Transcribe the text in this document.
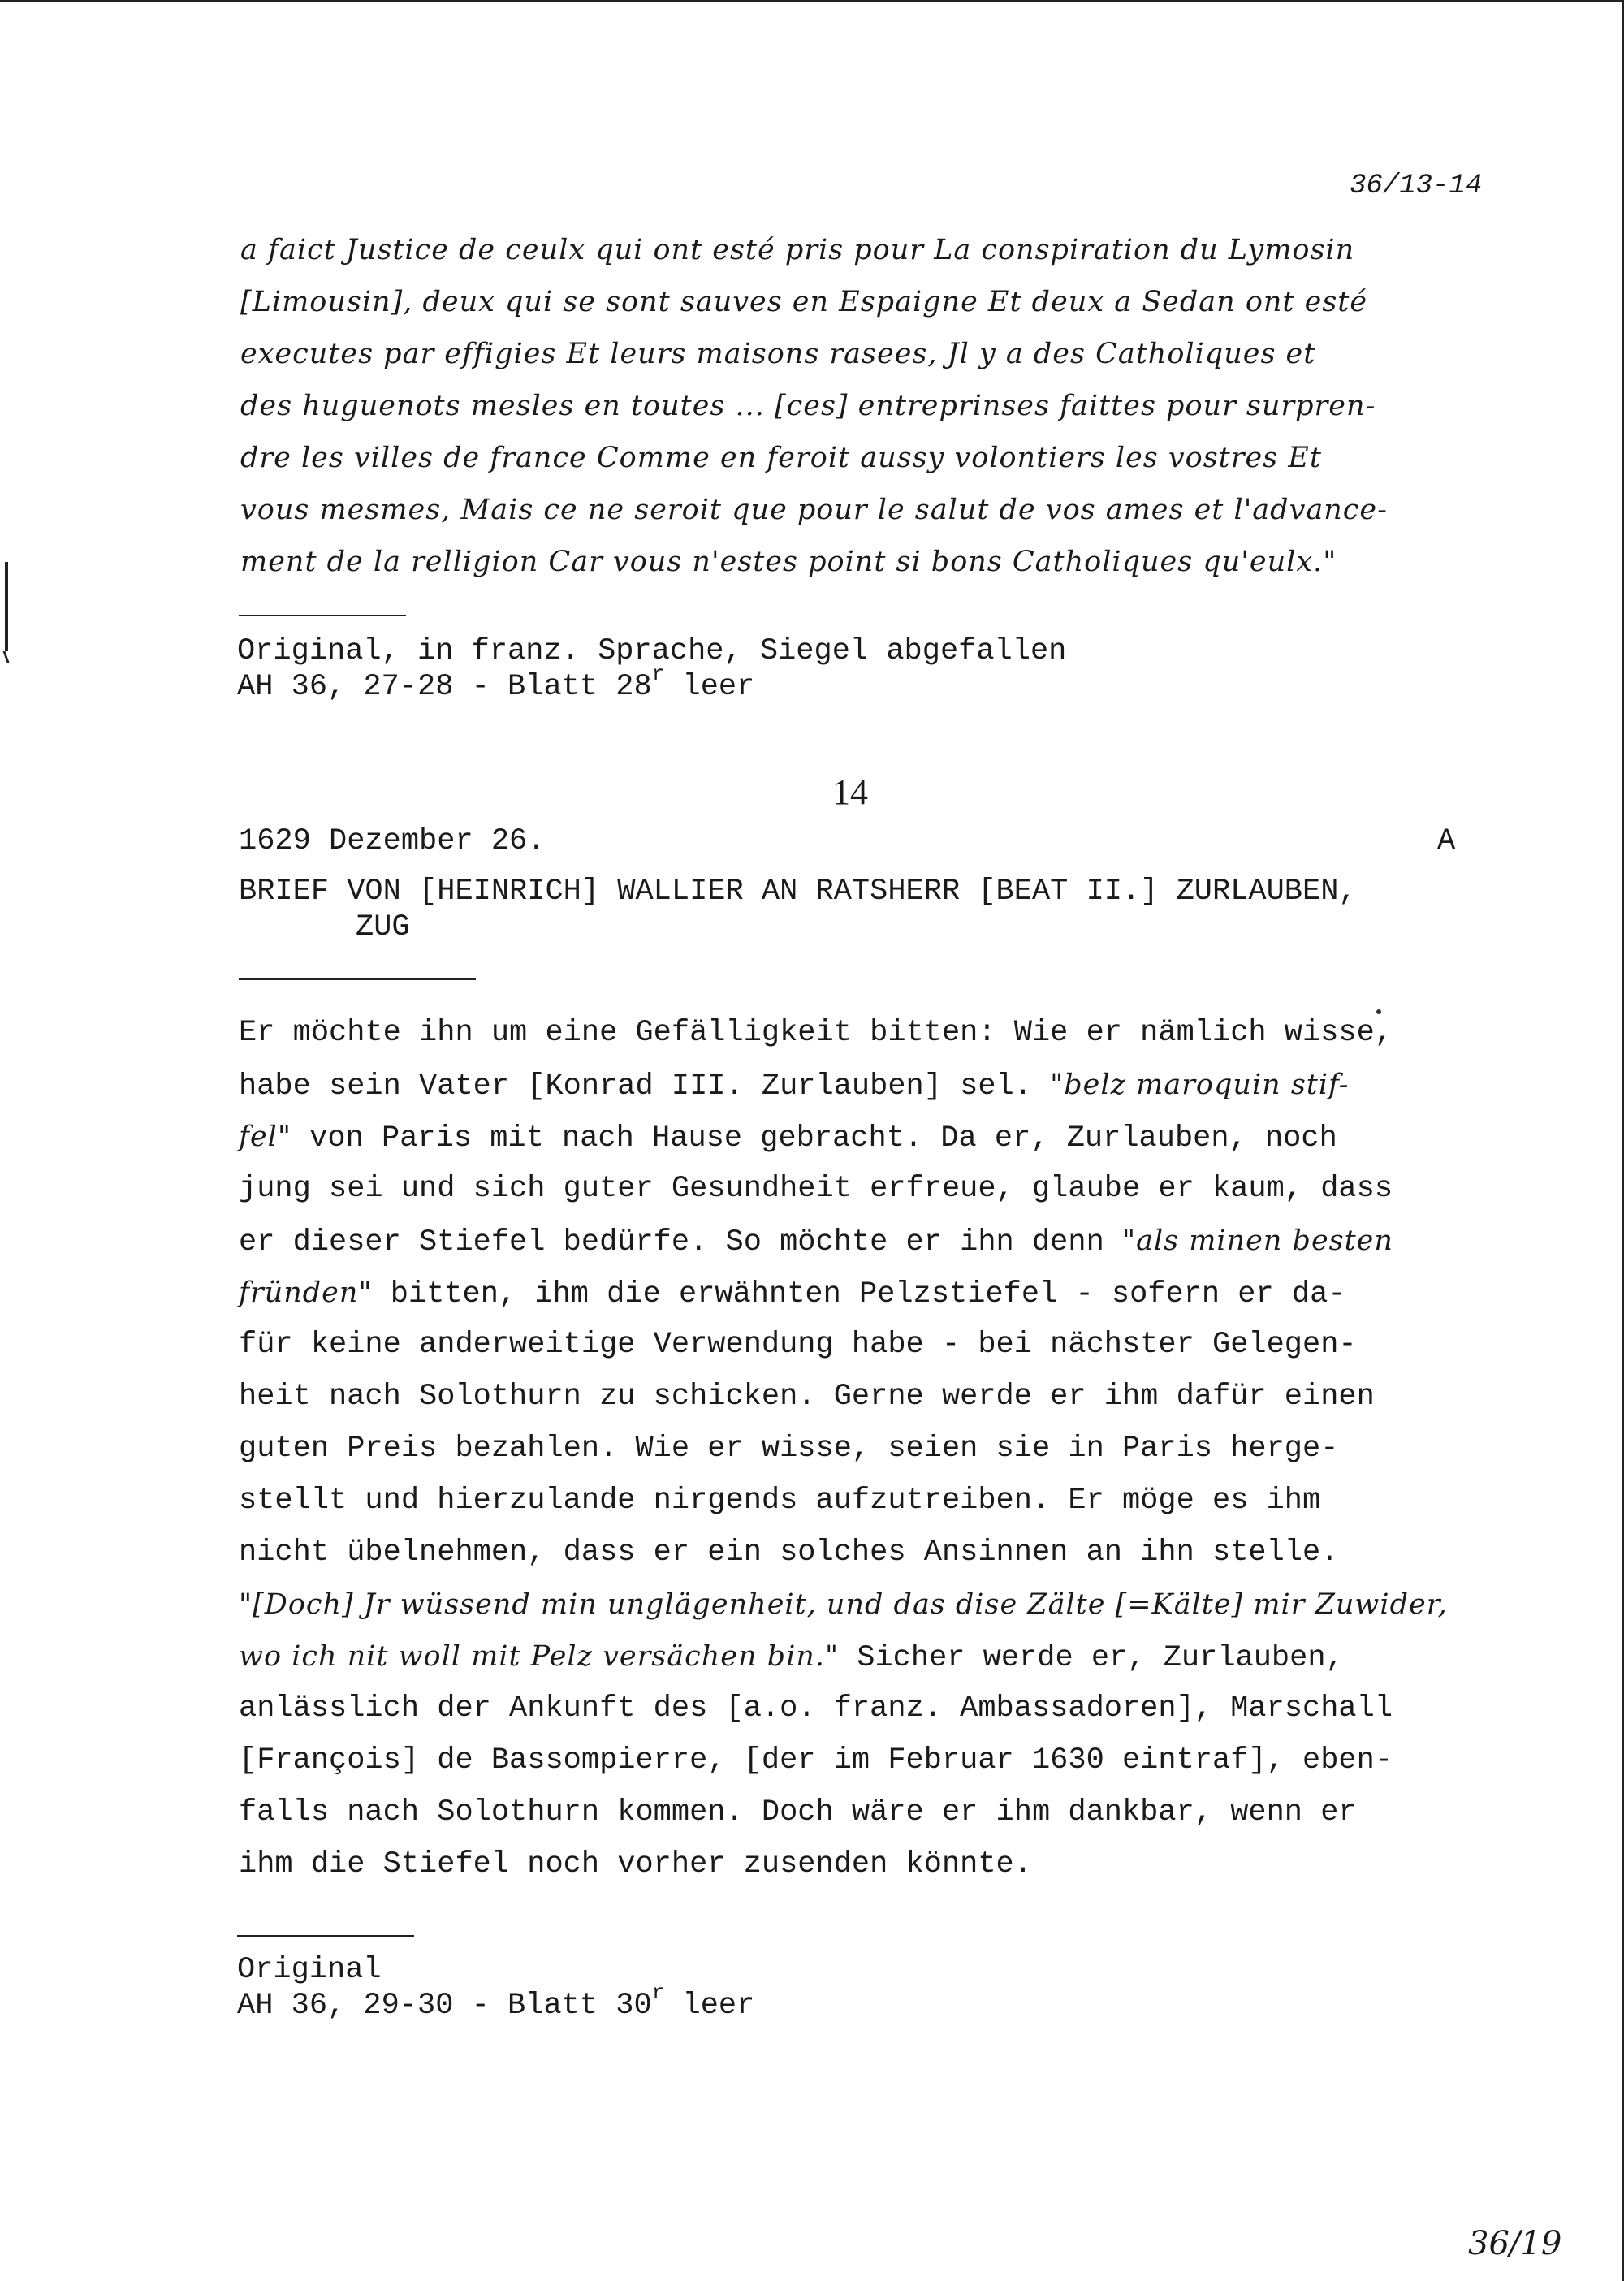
36/13-14
a faict Justice de ceulx qui ont esté pris pour La conspiration du Lymosin
[Limousin], deux qui se sont sauves en Espaigne Et deux a Sedan ont esté
executes par effigies Et leurs maisons rasees, Jl y a des Catholiques et
des huguenots mesles en toutes ... [ces] entreprinses faittes pour surpren-
dre les villes de france Comme en feroit aussy volontiers les vostres Et
vous mesmes, Mais ce ne seroit que pour le salut de vos ames et l'advance-
ment de la relligion Car vous n'estes point si bons Catholiques qu'eulx."
Original, in franz. Sprache, Siegel abgefallen
AH 36, 27-28 - Blatt 28$^r$ leer
14
1629 Dezember 26.	A
BRIEF VON [HEINRICH] WALLIER AN RATSHERR [BEAT II.] ZURLAUBEN,
ZUG
Er möchte ihn um eine Gefälligkeit bitten: Wie er nämlich wisse,
habe sein Vater [Konrad III. Zurlauben] sel. "belz maroquin stif-
fel" von Paris mit nach Hause gebracht. Da er, Zurlauben, noch
jung sei und sich guter Gesundheit erfreue, glaube er kaum, dass
er dieser Stiefel bedürfe. So möchte er ihn denn "als minen besten
fründen" bitten, ihm die erwähnten Pelzstiefel - sofern er da-
für keine anderweitige Verwendung habe - bei nächster Gelegen-
heit nach Solothurn zu schicken. Gerne werde er ihm dafür einen
guten Preis bezahlen. Wie er wisse, seien sie in Paris herge-
stellt und hierzulande nirgends aufzutreiben. Er möge es ihm
nicht übelnehmen, dass er ein solches Ansinnen an ihn stelle.
"[Doch] Jr wüssend min unglägenheit, und das dise Zälte [=Kälte] mir Zuwider,
wo ich nit woll mit Pelz versächen bin." Sicher werde er, Zurlauben,
anlässlich der Ankunft des [a.o. franz. Ambassadoren], Marschall
[François] de Bassompierre, [der im Februar 1630 eintraf], eben-
falls nach Solothurn kommen. Doch wäre er ihm dankbar, wenn er
ihm die Stiefel noch vorher zusenden könnte.
Original
AH 36, 29-30 - Blatt 30$^r$ leer
36/19
